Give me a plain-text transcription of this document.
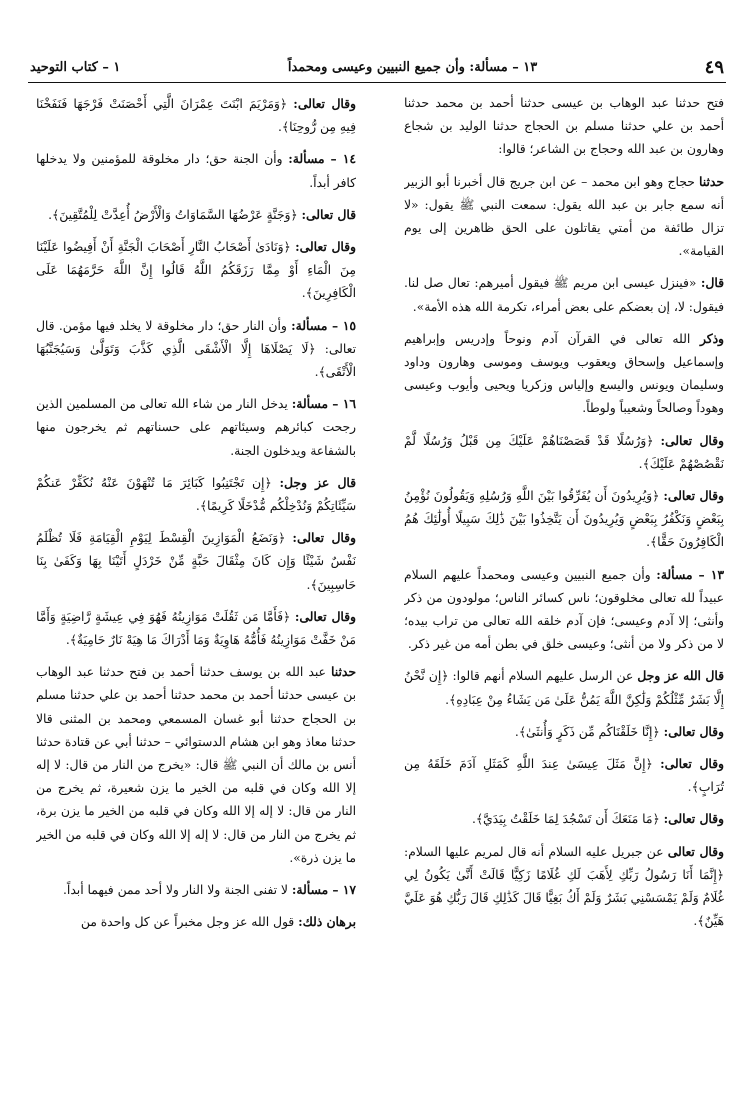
١ – كتاب التوحيد	١٣ – مسألة: وأن جميع النبيين وعيسى ومحمداً	٤٩

فتح حدثنا عبد الوهاب بن عيسى حدثنا أحمد بن محمد حدثنا أحمد بن علي حدثنا مسلم بن الحجاج حدثنا الوليد بن شجاع وهارون بن عبد الله وحجاج بن الشاعر؛ قالوا:

حدثنا حجاج وهو ابن محمد – عن ابن جريج قال أخبرنا أبو الزبير أنه سمع جابر بن عبد الله يقول: سمعت النبي ﷺ يقول: «لا تزال طائفة من أمتي يقاتلون على الحق ظاهرين إلى يوم القيامة».

قال: «فينزل عيسى ابن مريم ﷺ فيقول أميرهم: تعال صل لنا. فيقول: لا، إن بعضكم على بعض أمراء، تكرمة الله هذه الأمة».

وذكر الله تعالى في القرآن آدم ونوحاً وإدريس وإبراهيم وإسماعيل وإسحاق ويعقوب ويوسف وموسى وهارون وداود وسليمان ويونس واليسع وإلياس وزكريا ويحيى وأيوب وعيسى وهوداً وصالحاً وشعيباً ولوطاً.

وقال تعالى: ﴿وَرُسُلًا قَدْ قَصَصْنَاهُمْ عَلَيْكَ مِن قَبْلُ وَرُسُلًا لَّمْ نَقْصُصْهُمْ عَلَيْكَ﴾.

وقال تعالى: ﴿وَيُرِيدُونَ أَن يُفَرِّقُوا بَيْنَ اللَّهِ وَرُسُلِهِ وَيَقُولُونَ نُؤْمِنُ بِبَعْضٍ وَنَكْفُرُ بِبَعْضٍ وَيُرِيدُونَ أَن يَتَّخِذُوا بَيْنَ ذَٰلِكَ سَبِيلًا أُولَٰئِكَ هُمُ الْكَافِرُونَ حَقًّا﴾.

١٣ – مسألة: وأن جميع النبيين وعيسى ومحمداً عليهم السلام عبيداً لله تعالى مخلوقون؛ ناس كسائر الناس؛ مولودون من ذكر وأنثى؛ إلا آدم وعيسى؛ فإن آدم خلقه الله تعالى من تراب بيده؛ لا من ذكر ولا من أنثى؛ وعيسى خلق في بطن أمه من غير ذكر.

قال الله عز وجل عن الرسل عليهم السلام أنهم قالوا: ﴿إِن نَّحْنُ إِلَّا بَشَرٌ مِّثْلُكُمْ وَلَٰكِنَّ اللَّهَ يَمُنُّ عَلَىٰ مَن يَشَاءُ مِنْ عِبَادِهِ﴾.

وقال تعالى: ﴿إِنَّا خَلَقْنَاكُم مِّن ذَكَرٍ وَأُنثَىٰ﴾.

وقال تعالى: ﴿إِنَّ مَثَلَ عِيسَىٰ عِندَ اللَّهِ كَمَثَلِ آدَمَ خَلَقَهُ مِن تُرَابٍ﴾.

وقال تعالى: ﴿مَا مَنَعَكَ أَن تَسْجُدَ لِمَا خَلَقْتُ بِيَدَيَّ﴾.

وقال تعالى عن جبريل عليه السلام أنه قال لمريم عليها السلام: ﴿إِنَّمَا أَنَا رَسُولُ رَبِّكِ لِأَهَبَ لَكِ غُلَامًا زَكِيًّا قَالَتْ أَنَّىٰ يَكُونُ لِي غُلَامٌ وَلَمْ يَمْسَسْنِي بَشَرٌ وَلَمْ أَكُ بَغِيًّا قَالَ كَذَٰلِكِ قَالَ رَبُّكِ هُوَ عَلَيَّ هَيِّنٌ﴾.

وقال تعالى: ﴿وَمَرْيَمَ ابْنَتَ عِمْرَانَ الَّتِي أَحْصَنَتْ فَرْجَهَا فَنَفَخْنَا فِيهِ مِن رُّوحِنَا﴾.

١٤ – مسألة: وأن الجنة حق؛ دار مخلوقة للمؤمنين ولا يدخلها كافر أبداً.

قال تعالى: ﴿وَجَنَّةٍ عَرْضُهَا السَّمَاوَاتُ وَالْأَرْضُ أُعِدَّتْ لِلْمُتَّقِينَ﴾.

وقال تعالى: ﴿وَنَادَىٰ أَصْحَابُ النَّارِ أَصْحَابَ الْجَنَّةِ أَنْ أَفِيضُوا عَلَيْنَا مِنَ الْمَاءِ أَوْ مِمَّا رَزَقَكُمُ اللَّهُ قَالُوا إِنَّ اللَّهَ حَرَّمَهُمَا عَلَى الْكَافِرِينَ﴾.

١٥ – مسألة: وأن النار حق؛ دار مخلوقة لا يخلد فيها مؤمن. قال تعالى: ﴿لَا يَصْلَاهَا إِلَّا الْأَشْقَى الَّذِي كَذَّبَ وَتَوَلَّىٰ وَسَيُجَنَّبُهَا الْأَتْقَى﴾.

١٦ – مسألة: يدخل النار من شاء الله تعالى من المسلمين الذين رجحت كبائرهم وسيئاتهم على حسناتهم ثم يخرجون منها بالشفاعة ويدخلون الجنة.

قال عز وجل: ﴿إِن تَجْتَنِبُوا كَبَائِرَ مَا تُنْهَوْنَ عَنْهُ نُكَفِّرْ عَنكُمْ سَيِّئَاتِكُمْ وَنُدْخِلْكُم مُّدْخَلًا كَرِيمًا﴾.

وقال تعالى: ﴿وَنَضَعُ الْمَوَازِينَ الْقِسْطَ لِيَوْمِ الْقِيَامَةِ فَلَا تُظْلَمُ نَفْسٌ شَيْئًا وَإِن كَانَ مِثْقَالَ حَبَّةٍ مِّنْ خَرْدَلٍ أَتَيْنَا بِهَا وَكَفَىٰ بِنَا حَاسِبِينَ﴾.

وقال تعالى: ﴿فَأَمَّا مَن ثَقُلَتْ مَوَازِينُهُ فَهُوَ فِي عِيشَةٍ رَّاضِيَةٍ وَأَمَّا مَنْ خَفَّتْ مَوَازِينُهُ فَأُمُّهُ هَاوِيَةٌ وَمَا أَدْرَاكَ مَا هِيَهْ نَارٌ حَامِيَةٌ﴾.

حدثنا عبد الله بن يوسف حدثنا أحمد بن فتح حدثنا عبد الوهاب بن عيسى حدثنا أحمد بن محمد حدثنا أحمد بن علي حدثنا مسلم بن الحجاج حدثنا أبو غسان المسمعي ومحمد بن المثنى قالا حدثنا معاذ وهو ابن هشام الدستوائي – حدثنا أبي عن قتادة حدثنا أنس بن مالك أن النبي ﷺ قال: «يخرج من النار من قال: لا إله إلا الله وكان في قلبه من الخير ما يزن شعيرة، ثم يخرج من النار من قال: لا إله إلا الله وكان في قلبه من الخير ما يزن برة، ثم يخرج من النار من قال: لا إله إلا الله وكان في قلبه من الخير ما يزن ذرة».

١٧ – مسألة: لا تفنى الجنة ولا النار ولا أحد ممن فيهما أبداً.

برهان ذلك: قول الله عز وجل مخبراً عن كل واحدة من
